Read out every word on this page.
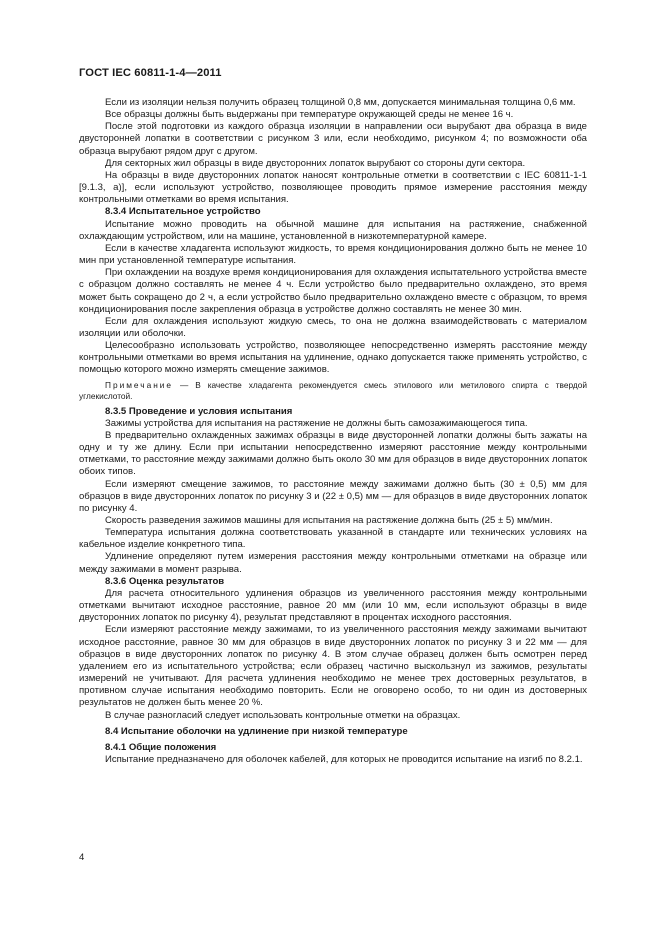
ГОСТ IEC 60811-1-4—2011

Если из изоляции нельзя получить образец толщиной 0,8 мм, допускается минимальная толщина 0,6 мм.

Все образцы должны быть выдержаны при температуре окружающей среды не менее 16 ч.

После этой подготовки из каждого образца изоляции в направлении оси вырубают два образца в виде двусторонней лопатки в соответствии с рисунком 3 или, если необходимо, рисунком 4; по возможности оба образца вырубают рядом друг с другом.

Для секторных жил образцы в виде двусторонних лопаток вырубают со стороны дуги сектора.

На образцы в виде двусторонних лопаток наносят контрольные отметки в соответствии с IEC 60811-1-1 [9.1.3, a)], если используют устройство, позволяющее проводить прямое измерение расстояния между контрольными отметками во время испытания.

8.3.4 Испытательное устройство

Испытание можно проводить на обычной машине для испытания на растяжение, снабженной охлаждающим устройством, или на машине, установленной в низкотемпературной камере.

Если в качестве хладагента используют жидкость, то время кондиционирования должно быть не менее 10 мин при установленной температуре испытания.

При охлаждении на воздухе время кондиционирования для охлаждения испытательного устройства вместе с образцом должно составлять не менее 4 ч. Если устройство было предварительно охлаждено, это время может быть сокращено до 2 ч, а если устройство было предварительно охлаждено вместе с образцом, то время кондиционирования после закрепления образца в устройстве должно составлять не менее 30 мин.

Если для охлаждения используют жидкую смесь, то она не должна взаимодействовать с материалом изоляции или оболочки.

Целесообразно использовать устройство, позволяющее непосредственно измерять расстояние между контрольными отметками во время испытания на удлинение, однако допускается также применять устройство, с помощью которого можно измерять смещение зажимов.

Примечание — В качестве хладагента рекомендуется смесь этилового или метилового спирта с твердой углекислотой.

8.3.5 Проведение и условия испытания

Зажимы устройства для испытания на растяжение не должны быть самозажимающегося типа.

В предварительно охлажденных зажимах образцы в виде двусторонней лопатки должны быть зажаты на одну и ту же длину. Если при испытании непосредственно измеряют расстояние между контрольными отметками, то расстояние между зажимами должно быть около 30 мм для образцов в виде двусторонних лопаток обоих типов.

Если измеряют смещение зажимов, то расстояние между зажимами должно быть (30 ± 0,5) мм для образцов в виде двусторонних лопаток по рисунку 3 и (22 ± 0,5) мм — для образцов в виде двусторонних лопаток по рисунку 4.

Скорость разведения зажимов машины для испытания на растяжение должна быть (25 ± 5) мм/мин.

Температура испытания должна соответствовать указанной в стандарте или технических условиях на кабельное изделие конкретного типа.

Удлинение определяют путем измерения расстояния между контрольными отметками на образце или между зажимами в момент разрыва.

8.3.6 Оценка результатов

Для расчета относительного удлинения образцов из увеличенного расстояния между контрольными отметками вычитают исходное расстояние, равное 20 мм (или 10 мм, если используют образцы в виде двусторонних лопаток по рисунку 4), результат представляют в процентах исходного расстояния.

Если измеряют расстояние между зажимами, то из увеличенного расстояния между зажимами вычитают исходное расстояние, равное 30 мм для образцов в виде двусторонних лопаток по рисунку 3 и 22 мм — для образцов в виде двусторонних лопаток по рисунку 4. В этом случае образец должен быть осмотрен перед удалением его из испытательного устройства; если образец частично выскользнул из зажимов, результаты измерений не учитывают. Для расчета удлинения необходимо не менее трех достоверных результатов, в противном случае испытания необходимо повторить. Если не оговорено особо, то ни один из достоверных результатов не должен быть менее 20 %.

В случае разногласий следует использовать контрольные отметки на образцах.

8.4 Испытание оболочки на удлинение при низкой температуре
8.4.1 Общие положения

Испытание предназначено для оболочек кабелей, для которых не проводится испытание на изгиб по 8.2.1.

4
